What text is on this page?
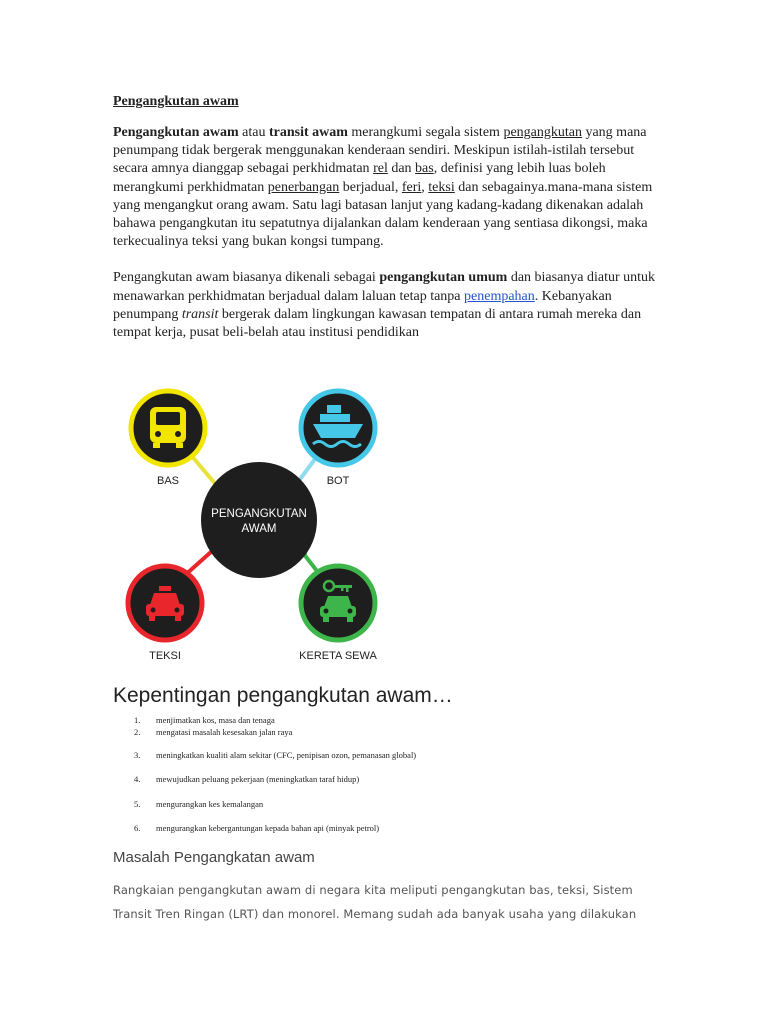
Pengangkutan awam
Pengangkutan awam atau transit awam merangkumi segala sistem pengangkutan yang mana penumpang tidak bergerak menggunakan kenderaan sendiri. Meskipun istilah-istilah tersebut secara amnya dianggap sebagai perkhidmatan rel dan bas, definisi yang lebih luas boleh merangkumi perkhidmatan penerbangan berjadual, feri, teksi dan sebagainya.mana-mana sistem yang mengangkut orang awam. Satu lagi batasan lanjut yang kadang-kadang dikenakan adalah bahawa pengangkutan itu sepatutnya dijalankan dalam kenderaan yang sentiasa dikongsi, maka terkecualinya teksi yang bukan kongsi tumpang.
Pengangkutan awam biasanya dikenali sebagai pengangkutan umum dan biasanya diatur untuk menawarkan perkhidmatan berjadual dalam laluan tetap tanpa penempahan. Kebanyakan penumpang transit bergerak dalam lingkungan kawasan tempatan di antara rumah mereka dan tempat kerja, pusat beli-belah atau institusi pendidikan
BAS	BOT
PENGANGKUTAN
AWAM
TEKSI	KERETA SEWA
Kepentingan pengangkutan awam…
1. menjimatkan kos, masa dan tenaga
2. mengatasi masalah kesesakan jalan raya
3. meningkatkan kualiti alam sekitar (CFC, penipisan ozon, pemanasan global)
4. mewujudkan peluang pekerjaan (meningkatkan taraf hidup)
5. mengurangkan kes kemalangan
6. mengurangkan kebergantungan kepada bahan api (minyak petrol)
Masalah Pengangkatan awam
Rangkaian pengangkutan awam di negara kita meliputi pengangkutan bas, teksi, Sistem Transit Tren Ringan (LRT) dan monorel. Memang sudah ada banyak usaha yang dilakukan
